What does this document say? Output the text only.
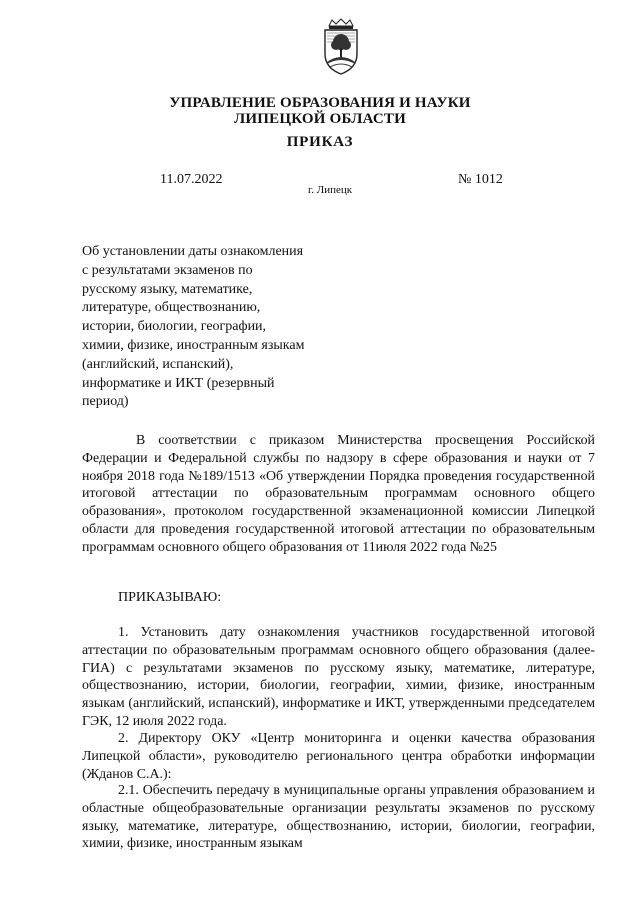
УПРАВЛЕНИЕ ОБРАЗОВАНИЯ И НАУКИ
ЛИПЕЦКОЙ ОБЛАСТИ
ПРИКАЗ
11.07.2022	№ 1012
г. Липецк
Об установлении даты ознакомления
с результатами экзаменов по
русскому языку, математике,
литературе, обществознанию,
истории, биологии, географии,
химии, физике, иностранным языкам
(английский, испанский),
информатике и ИКТ (резервный
период)
В соответствии с приказом Министерства просвещения Российской Федерации и Федеральной службы по надзору в сфере образования и науки от 7 ноября 2018 года №189/1513 «Об утверждении Порядка проведения государственной итоговой аттестации по образовательным программам основного общего образования», протоколом государственной экзаменационной комиссии Липецкой области для проведения государственной итоговой аттестации по образовательным программам основного общего образования от 11июля 2022 года №25
ПРИКАЗЫВАЮ:
1. Установить дату ознакомления участников государственной итоговой аттестации по образовательным программам основного общего образования (далее-ГИА) с результатами экзаменов по русскому языку, математике, литературе, обществознанию, истории, биологии, географии, химии, физике, иностранным языкам (английский, испанский), информатике и ИКТ, утвержденными председателем ГЭК, 12 июля 2022 года.
2. Директору ОКУ «Центр мониторинга и оценки качества образования Липецкой области», руководителю регионального центра обработки информации (Жданов С.А.):
2.1. Обеспечить передачу в муниципальные органы управления образованием и областные общеобразовательные организации результаты экзаменов по русскому языку, математике, литературе, обществознанию, истории, биологии, географии, химии, физике, иностранным языкам
